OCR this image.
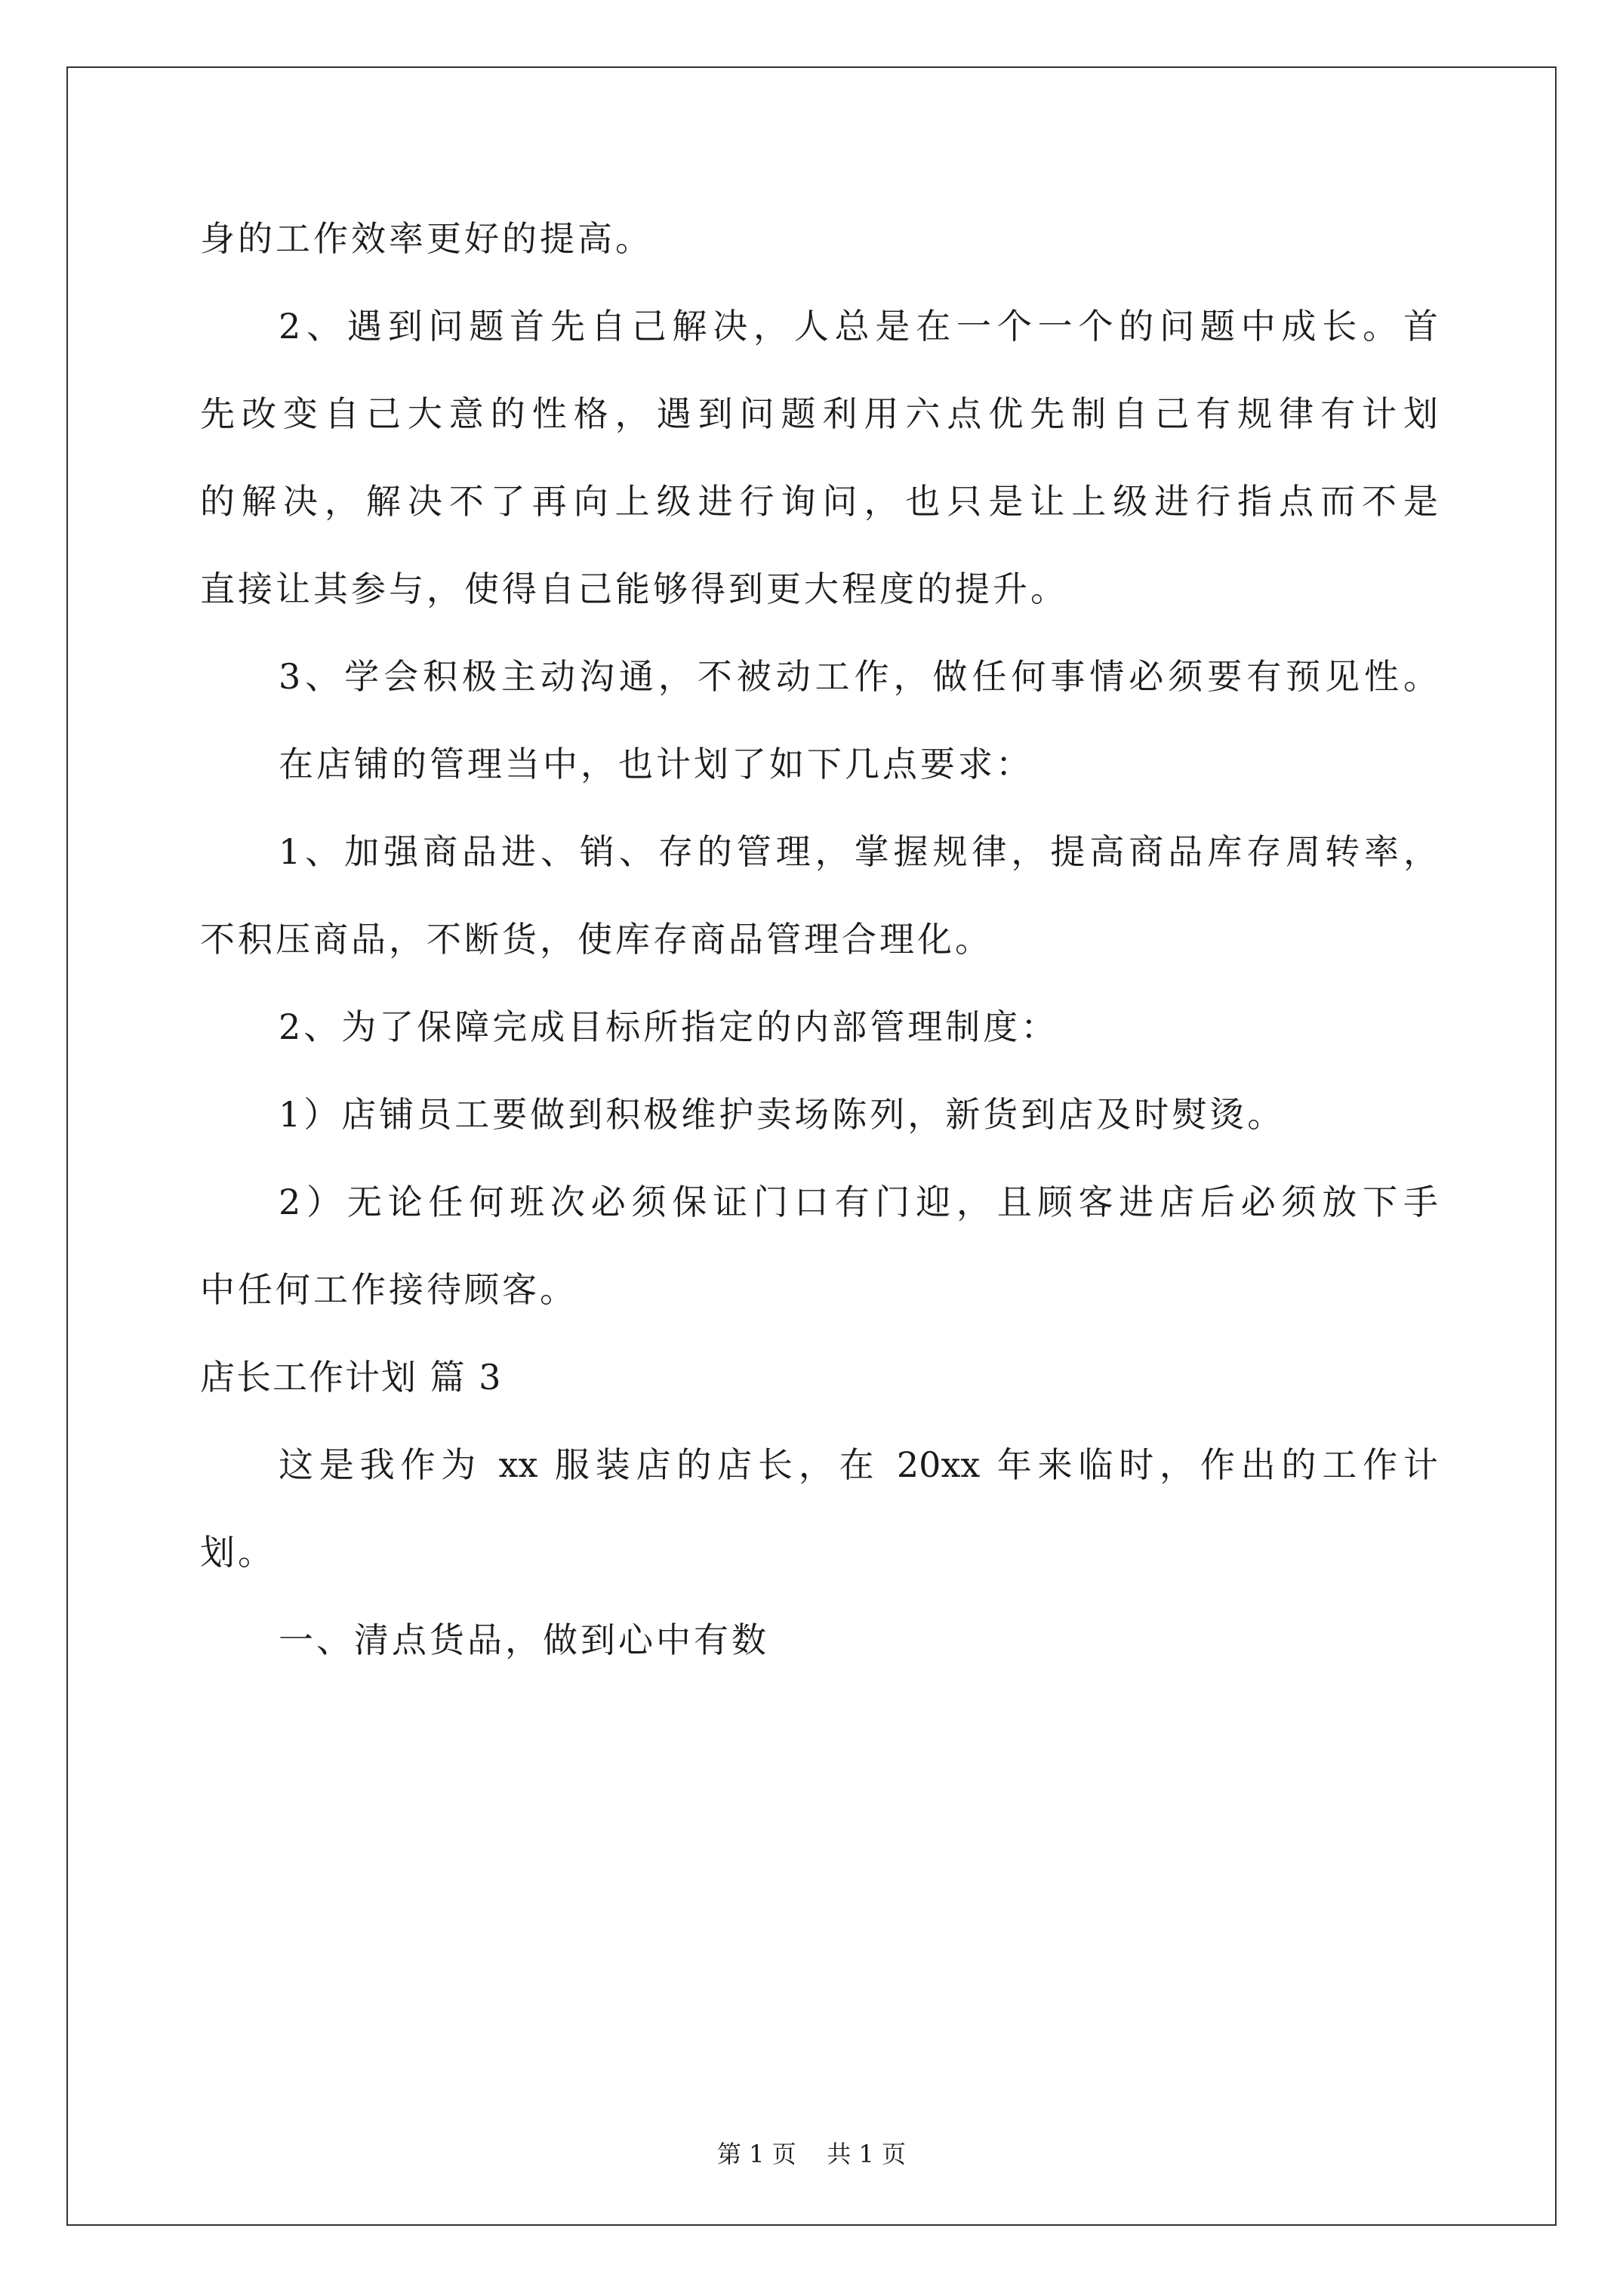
身的工作效率更好的提高。
2、遇到问题首先自己解决，人总是在一个一个的问题中成长。首
先改变自己大意的性格，遇到问题利用六点优先制自己有规律有计划
的解决，解决不了再向上级进行询问，也只是让上级进行指点而不是
直接让其参与，使得自己能够得到更大程度的提升。
3、学会积极主动沟通，不被动工作，做任何事情必须要有预见性。
在店铺的管理当中，也计划了如下几点要求：
1、加强商品进、销、存的管理，掌握规律，提高商品库存周转率，
不积压商品，不断货，使库存商品管理合理化。
2、为了保障完成目标所指定的内部管理制度：
1）店铺员工要做到积极维护卖场陈列，新货到店及时熨烫。
2）无论任何班次必须保证门口有门迎，且顾客进店后必须放下手
中任何工作接待顾客。
店长工作计划 篇 3
这是我作为 xx 服装店的店长，在 20xx 年来临时，作出的工作计
划。
一、清点货品，做到心中有数
第 1 页    共 1 页
